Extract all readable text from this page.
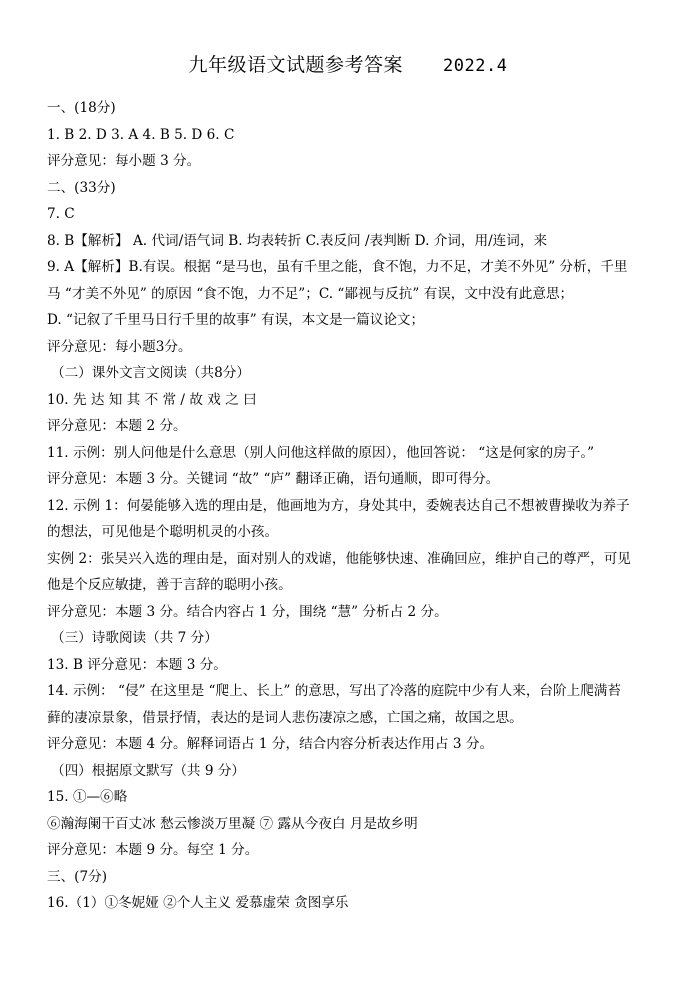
九年级语文试题参考答案 2022.4
一、(18分)
1. B 2. D 3. A 4. B 5. D 6. C
评分意见：每小题 3 分。
二、(33分)
7. C
8. B【解析】 A. 代词/语气词 B. 均表转折 C.表反问 /表判断 D. 介词，用/连词，来
9. A【解析】B.有误。根据 “是马也，虽有千里之能，食不饱，力不足，才美不外见” 分析，千里
马 “才美不外见” 的原因 “食不饱，力不足”；C. “鄙视与反抗” 有误，文中没有此意思；
D. “记叙了千里马日行千里的故事” 有误，本文是一篇议论文；
评分意见：每小题3分。
（二）课外文言文阅读（共8分）
10. 先 达 知 其 不 常 / 故 戏 之 曰
评分意见：本题 2 分。
11. 示例：别人问他是什么意思（别人问他这样做的原因），他回答说： “这是何家的房子。”
评分意见：本题 3 分。关键词 “故” “庐” 翻译正确，语句通顺，即可得分。
12. 示例 1：何晏能够入选的理由是，他画地为方，身处其中，委婉表达自己不想被曹操收为养子
的想法，可见他是个聪明机灵的小孩。
实例 2：张吴兴入选的理由是，面对别人的戏谑，他能够快速、准确回应，维护自己的尊严，可见
他是个反应敏捷，善于言辞的聪明小孩。
评分意见：本题 3 分。结合内容占 1 分，围绕 “慧” 分析占 2 分。
（三）诗歌阅读（共 7 分）
13. B 评分意见：本题 3 分。
14. 示例： “侵” 在这里是 “爬上、长上” 的意思，写出了冷落的庭院中少有人来，台阶上爬满苔
藓的凄凉景象，借景抒情，表达的是词人悲伤凄凉之感，亡国之痛，故国之思。
评分意见：本题 4 分。解释词语占 1 分，结合内容分析表达作用占 3 分。
（四）根据原文默写（共 9 分）
15. ①—⑥略
⑥瀚海阑干百丈冰 愁云惨淡万里凝 ⑦ 露从今夜白 月是故乡明
评分意见：本题 9 分。每空 1 分。
三、(7分)
16.（1）①冬妮娅 ②个人主义 爱慕虚荣 贪图享乐
